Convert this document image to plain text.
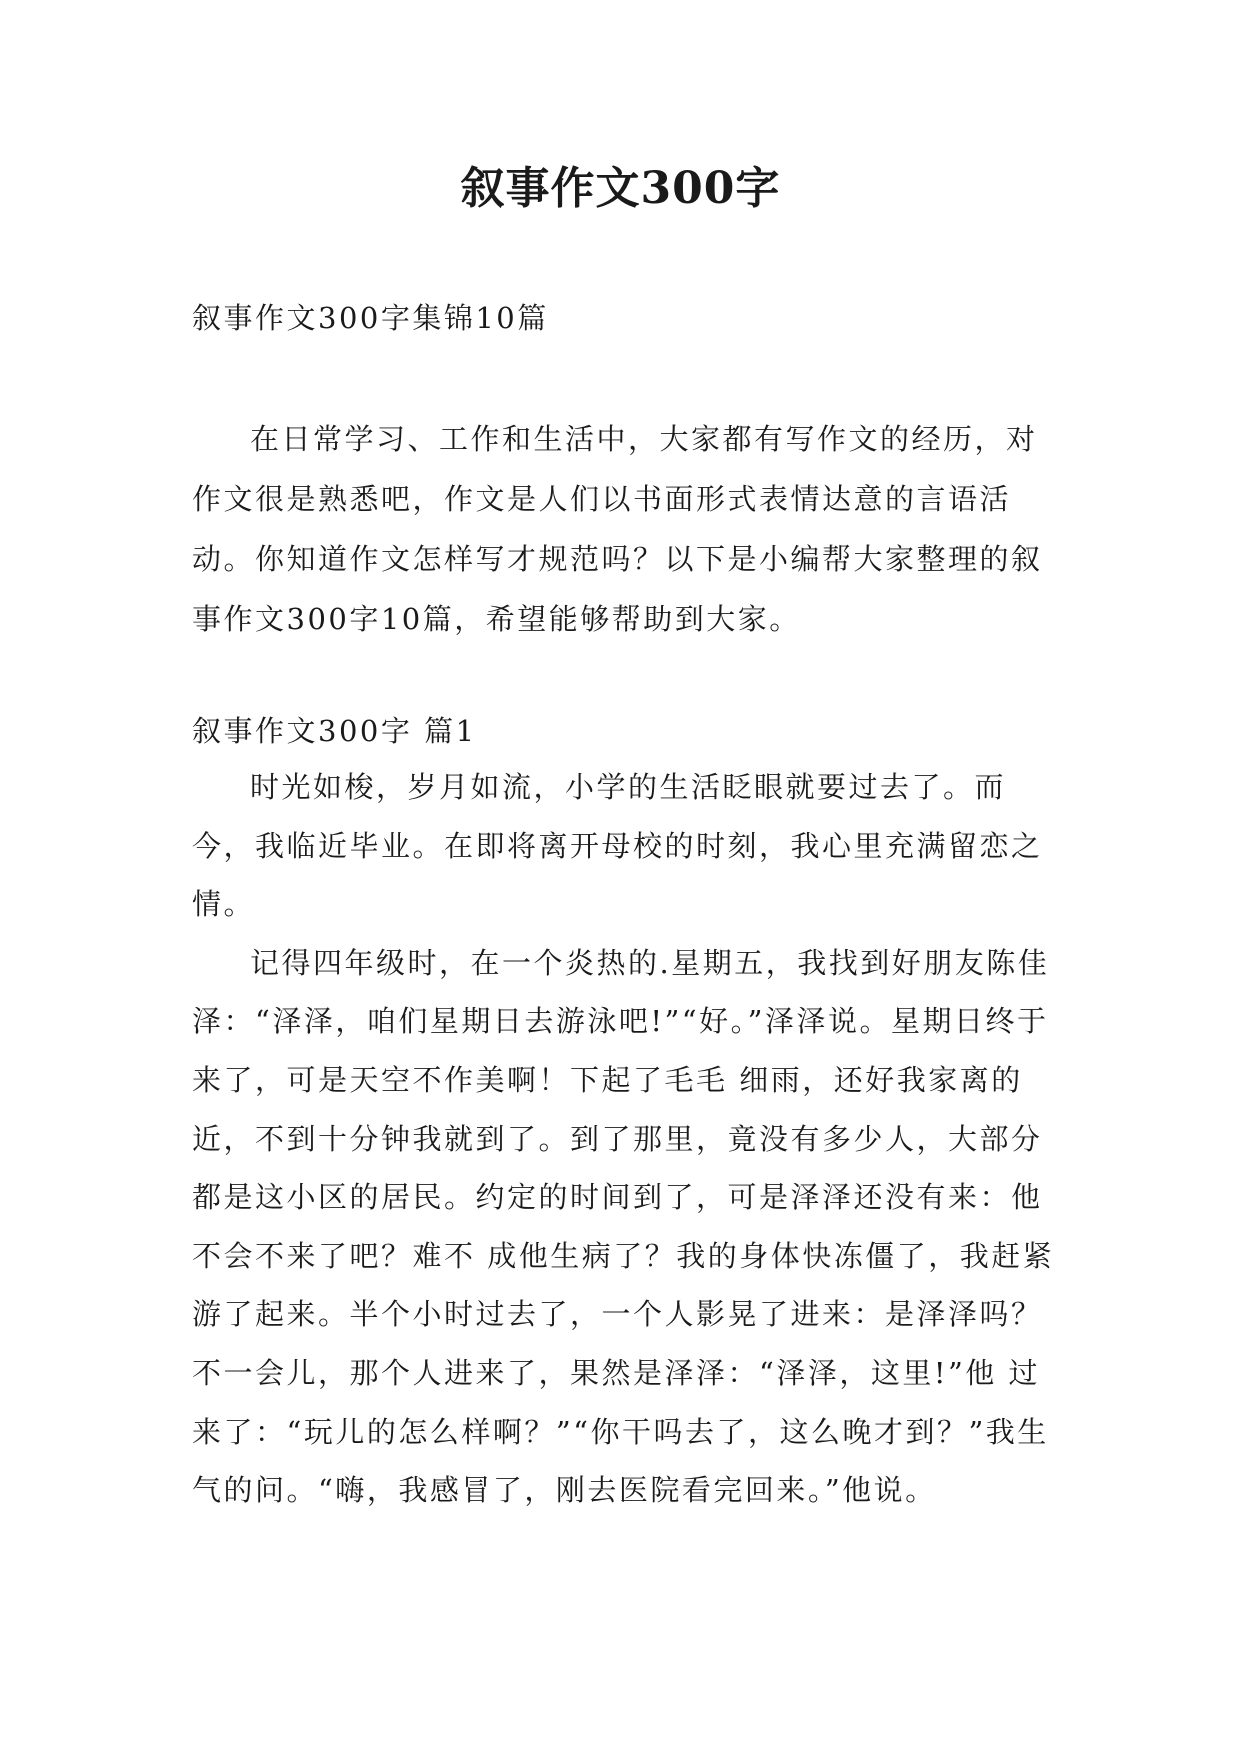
叙事作文300字
叙事作文300字集锦10篇

在日常学习、工作和生活中，大家都有写作文的经历，对作文很是熟悉吧，作文是人们以书面形式表情达意的言语活动。你知道作文怎样写才规范吗？以下是小编帮大家整理的叙事作文300字10篇，希望能够帮助到大家。

叙事作文300字 篇1

时光如梭，岁月如流，小学的生活眨眼就要过去了。而今，我临近毕业。在即将离开母校的时刻，我心里充满留恋之情。

记得四年级时，在一个炎热的.星期五，我找到好朋友陈佳泽：“泽泽，咱们星期日去游泳吧!”“好。”泽泽说。星期日终于来了，可是天空不作美啊！下起了毛毛 细雨，还好我家离的近，不到十分钟我就到了。到了那里，竟没有多少人，大部分都是这小区的居民。约定的时间到了，可是泽泽还没有来：他不会不来了吧？难不 成他生病了？我的身体快冻僵了，我赶紧游了起来。半个小时过去了，一个人影晃了进来：是泽泽吗？不一会儿，那个人进来了，果然是泽泽：“泽泽，这里!”他 过来了：“玩儿的怎么样啊？”“你干吗去了，这么晚才到？”我生气的问。“嗨，我感冒了，刚去医院看完回来。”他说。
